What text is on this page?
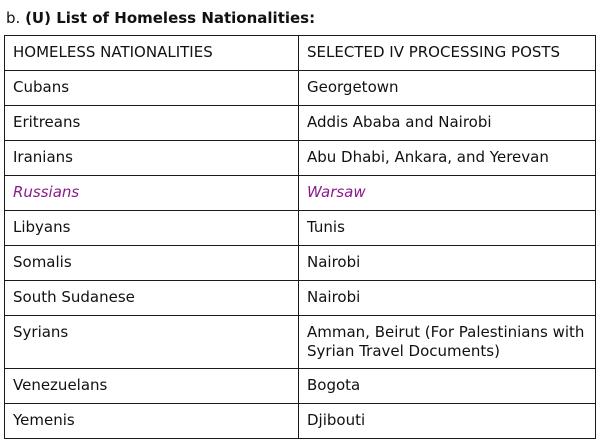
b. (U) List of Homeless Nationalities:
HOMELESS NATIONALITIES	SELECTED IV PROCESSING POSTS
Cubans	Georgetown
Eritreans	Addis Ababa and Nairobi
Iranians	Abu Dhabi, Ankara, and Yerevan
Russians	Warsaw
Libyans	Tunis
Somalis	Nairobi
South Sudanese	Nairobi
Syrians	Amman, Beirut (For Palestinians with Syrian Travel Documents)
Venezuelans	Bogota
Yemenis	Djibouti
